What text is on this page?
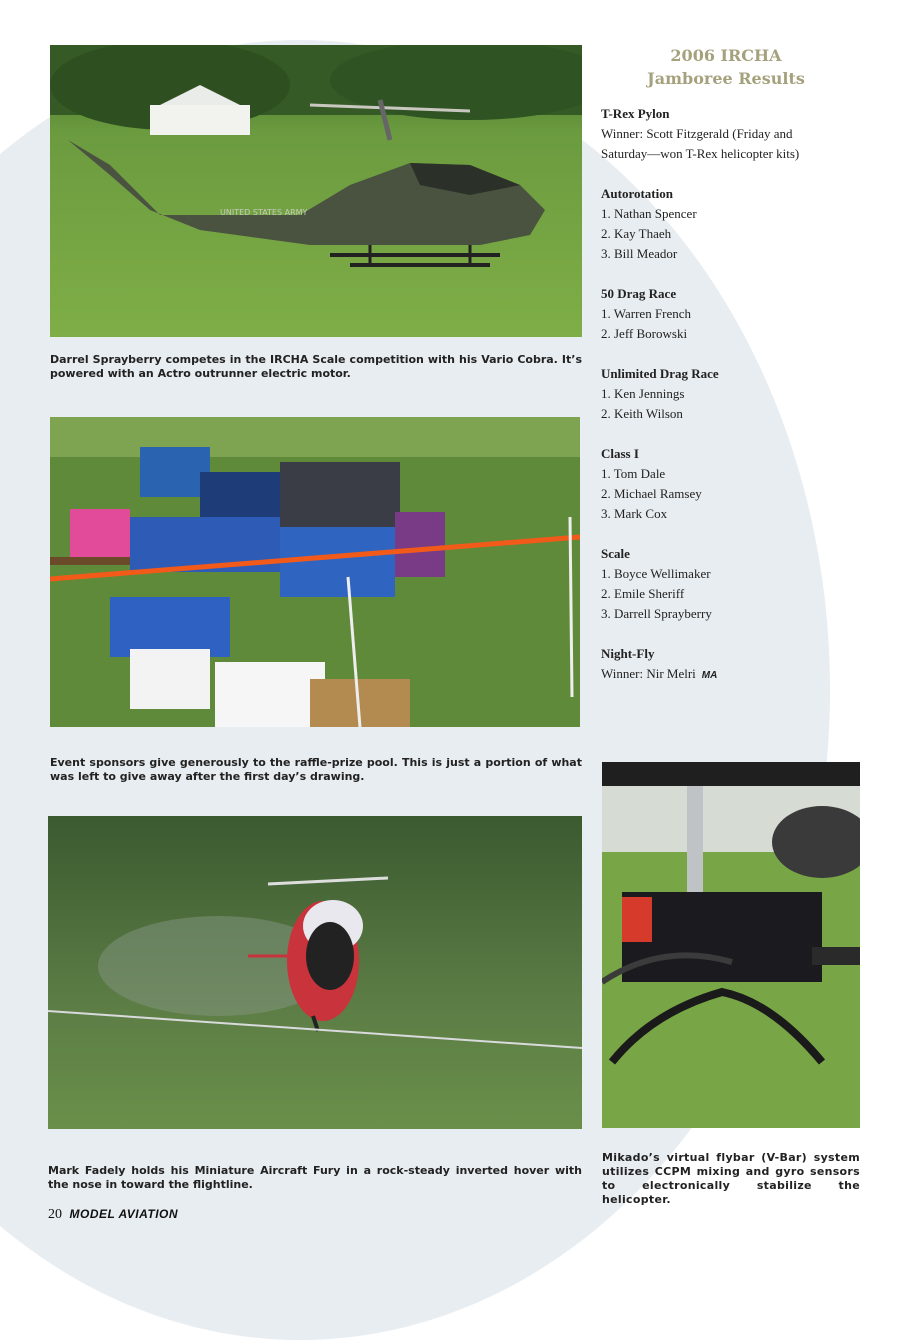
UNITED STATES ARMY
Darrel Sprayberry competes in the IRCHA Scale competition with his Vario Cobra. It’s powered with an Actro outrunner electric motor.
Event sponsors give generously to the raffle-prize pool. This is just a portion of what was left to give away after the first day’s drawing.
Mark Fadely holds his Miniature Aircraft Fury in a rock-steady inverted hover with the nose in toward the flightline.
Mikado’s virtual flybar (V-Bar) system utilizes CCPM mixing and gyro sensors to electronically stabilize the helicopter.
2006 IRCHA
Jamboree Results
T-Rex Pylon
Winner: Scott Fitzgerald (Friday and
Saturday—won T-Rex helicopter kits)
Autorotation
1. Nathan Spencer
2. Kay Thaeh
3. Bill Meador
50 Drag Race
1. Warren French
2. Jeff Borowski
Unlimited Drag Race
1. Ken Jennings
2. Keith Wilson
Class I
1. Tom Dale
2. Michael Ramsey
3. Mark Cox
Scale
1. Boyce Wellimaker
2. Emile Sheriff
3. Darrell Sprayberry
Night-Fly
Winner: Nir Melri MA
20 MODEL AVIATION
